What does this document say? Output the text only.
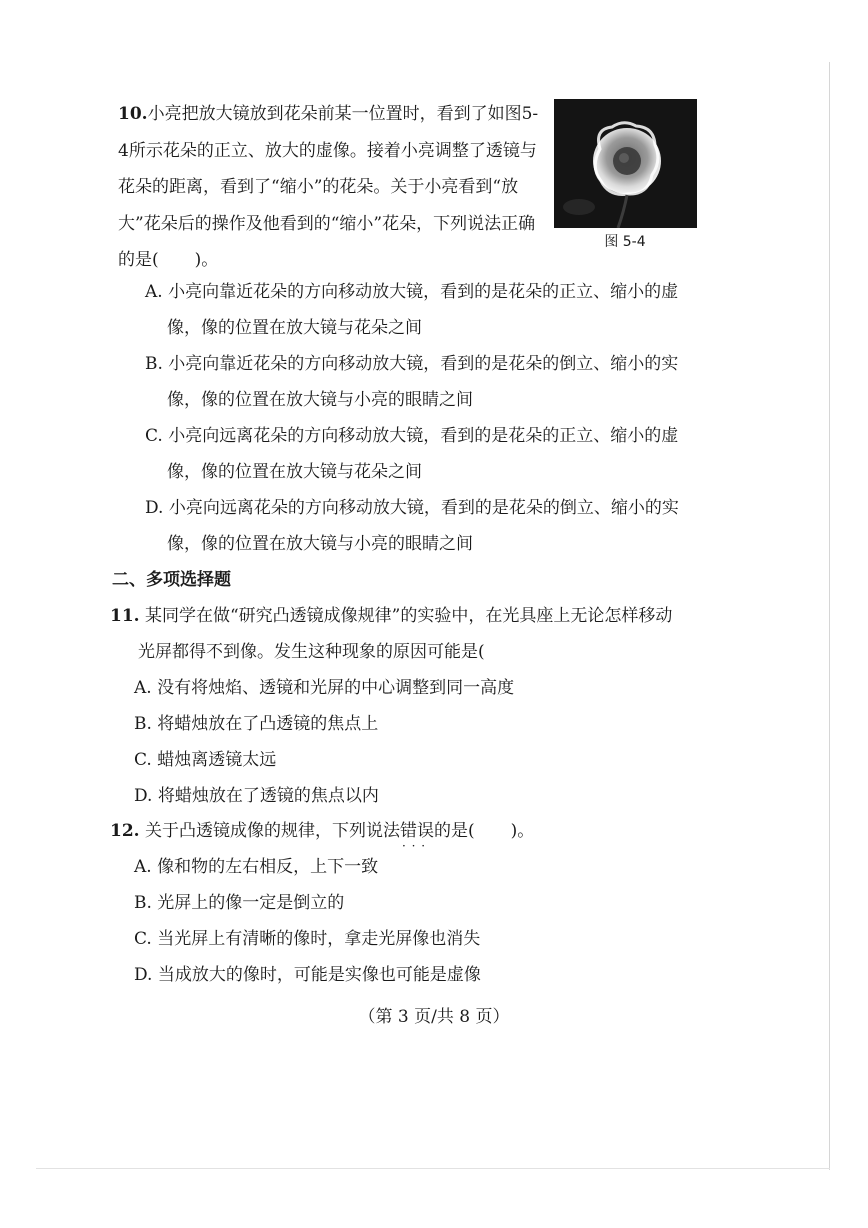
10.小亮把放大镜放到花朵前某一位置时，看到了如图5-4所示花朵的正立、放大的虚像。接着小亮调整了透镜与花朵的距离，看到了“缩小”的花朵。关于小亮看到“放大”花朵后的操作及他看到的“缩小”花朵，下列说法正确的是( )。
图 5-4
A. 小亮向靠近花朵的方向移动放大镜，看到的是花朵的正立、缩小的虚像，像的位置在放大镜与花朵之间
B. 小亮向靠近花朵的方向移动放大镜，看到的是花朵的倒立、缩小的实像，像的位置在放大镜与小亮的眼睛之间
C. 小亮向远离花朵的方向移动放大镜，看到的是花朵的正立、缩小的虚像，像的位置在放大镜与花朵之间
D. 小亮向远离花朵的方向移动放大镜，看到的是花朵的倒立、缩小的实像，像的位置在放大镜与小亮的眼睛之间
二、多项选择题
11. 某同学在做“研究凸透镜成像规律”的实验中，在光具座上无论怎样移动
光屏都得不到像。发生这种现象的原因可能是(
A. 没有将烛焰、透镜和光屏的中心调整到同一高度
B. 将蜡烛放在了凸透镜的焦点上
C. 蜡烛离透镜太远
D. 将蜡烛放在了透镜的焦点以内
12. 关于凸透镜成像的规律，下列说法错误 · · ·的是( )。
A. 像和物的左右相反，上下一致
B. 光屏上的像一定是倒立的
C. 当光屏上有清晰的像时，拿走光屏像也消失
D. 当成放大的像时，可能是实像也可能是虚像
（第 3 页/共 8 页）
